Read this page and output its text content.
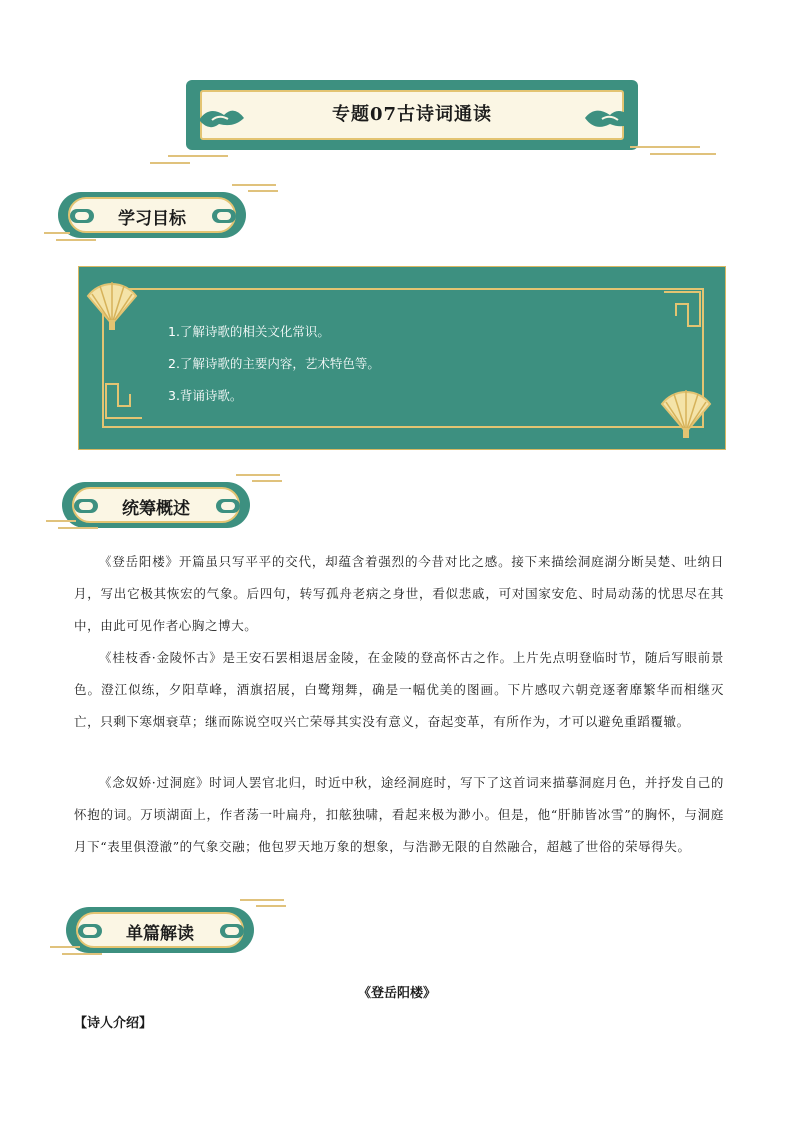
专题07古诗词通读
学习目标
1.了解诗歌的相关文化常识。
2.了解诗歌的主要内容，艺术特色等。
3.背诵诗歌。
统筹概述
《登岳阳楼》开篇虽只写平平的交代，却蕴含着强烈的今昔对比之感。接下来描绘洞庭湖分断吴楚、吐纳日月，写出它极其恢宏的气象。后四句，转写孤舟老病之身世，看似悲戚，可对国家安危、时局动荡的忧思尽在其中，由此可见作者心胸之博大。
《桂枝香·金陵怀古》是王安石罢相退居金陵，在金陵的登高怀古之作。上片先点明登临时节，随后写眼前景色。澄江似练，夕阳草峰，酒旗招展，白鹭翔舞，确是一幅优美的图画。下片感叹六朝竞逐奢靡繁华而相继灭亡，只剩下寒烟衰草；继而陈说空叹兴亡荣辱其实没有意义，奋起变革，有所作为，才可以避免重蹈覆辙。
《念奴娇·过洞庭》时词人罢官北归，时近中秋，途经洞庭时，写下了这首词来描摹洞庭月色，并抒发自己的怀抱的词。万顷湖面上，作者荡一叶扁舟，扣舷独啸，看起来极为渺小。但是，他“肝肺皆冰雪”的胸怀，与洞庭月下“表里俱澄澈”的气象交融；他包罗天地万象的想象，与浩渺无限的自然融合，超越了世俗的荣辱得失。
单篇解读
《登岳阳楼》
【诗人介绍】
